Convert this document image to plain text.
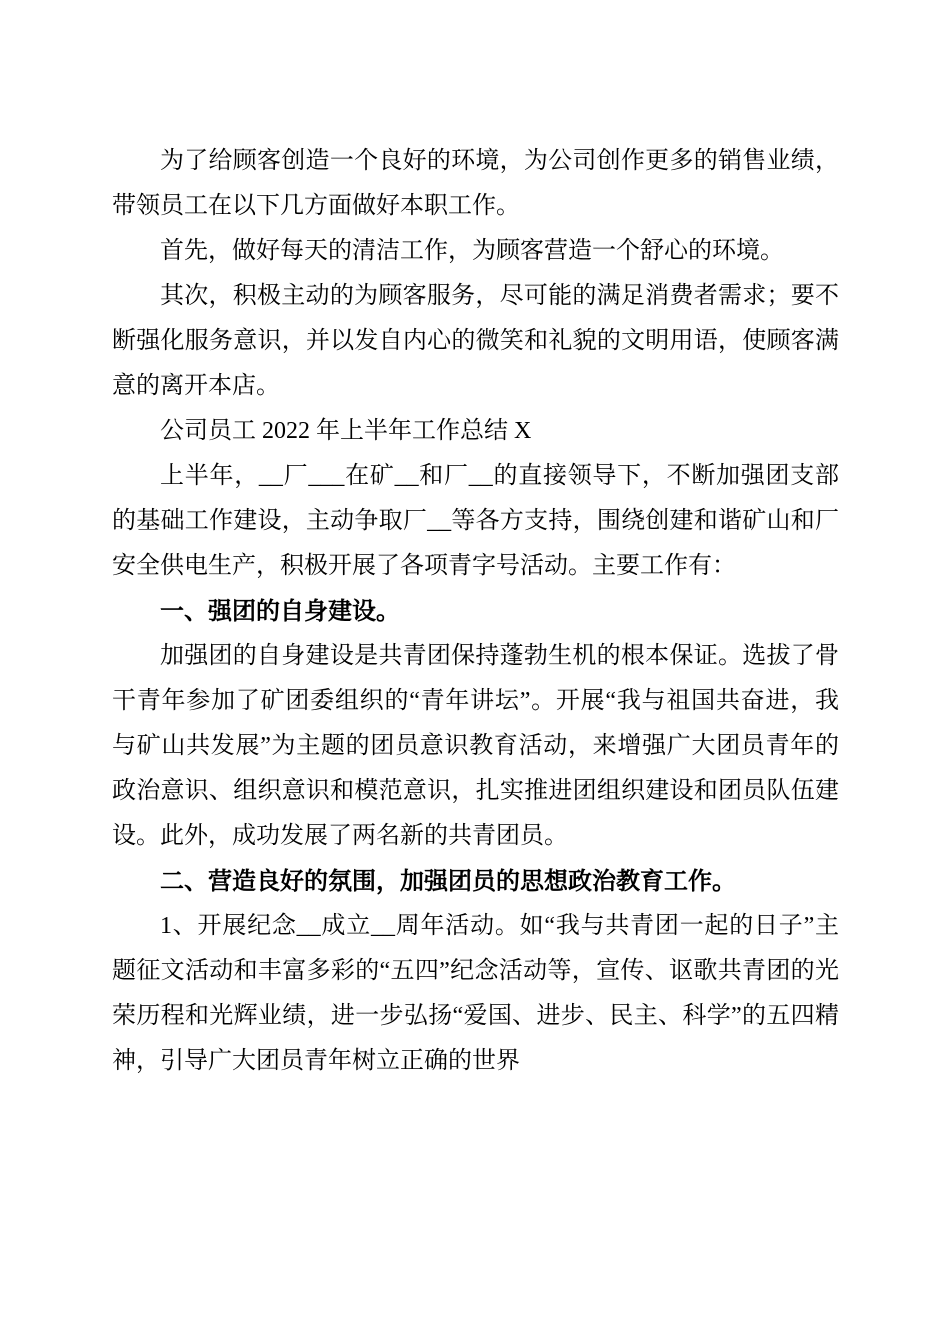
为了给顾客创造一个良好的环境，为公司创作更多的销售业绩，带领员工在以下几方面做好本职工作。

首先，做好每天的清洁工作，为顾客营造一个舒心的环境。

其次，积极主动的为顾客服务，尽可能的满足消费者需求；要不断强化服务意识，并以发自内心的微笑和礼貌的文明用语，使顾客满意的离开本店。

公司员工 2022 年上半年工作总结 X

上半年，__厂___在矿__和厂__的直接领导下，不断加强团支部的基础工作建设，主动争取厂__等各方支持，围绕创建和谐矿山和厂安全供电生产，积极开展了各项青字号活动。主要工作有：

一、强团的自身建设。

加强团的自身建设是共青团保持蓬勃生机的根本保证。选拔了骨干青年参加了矿团委组织的“青年讲坛”。开展“我与祖国共奋进，我与矿山共发展”为主题的团员意识教育活动，来增强广大团员青年的政治意识、组织意识和模范意识，扎实推进团组织建设和团员队伍建设。此外，成功发展了两名新的共青团员。

二、营造良好的氛围，加强团员的思想政治教育工作。

1、开展纪念__成立__周年活动。如“我与共青团一起的日子”主题征文活动和丰富多彩的“五四”纪念活动等，宣传、讴歌共青团的光荣历程和光辉业绩，进一步弘扬“爱国、进步、民主、科学”的五四精神，引导广大团员青年树立正确的世界
